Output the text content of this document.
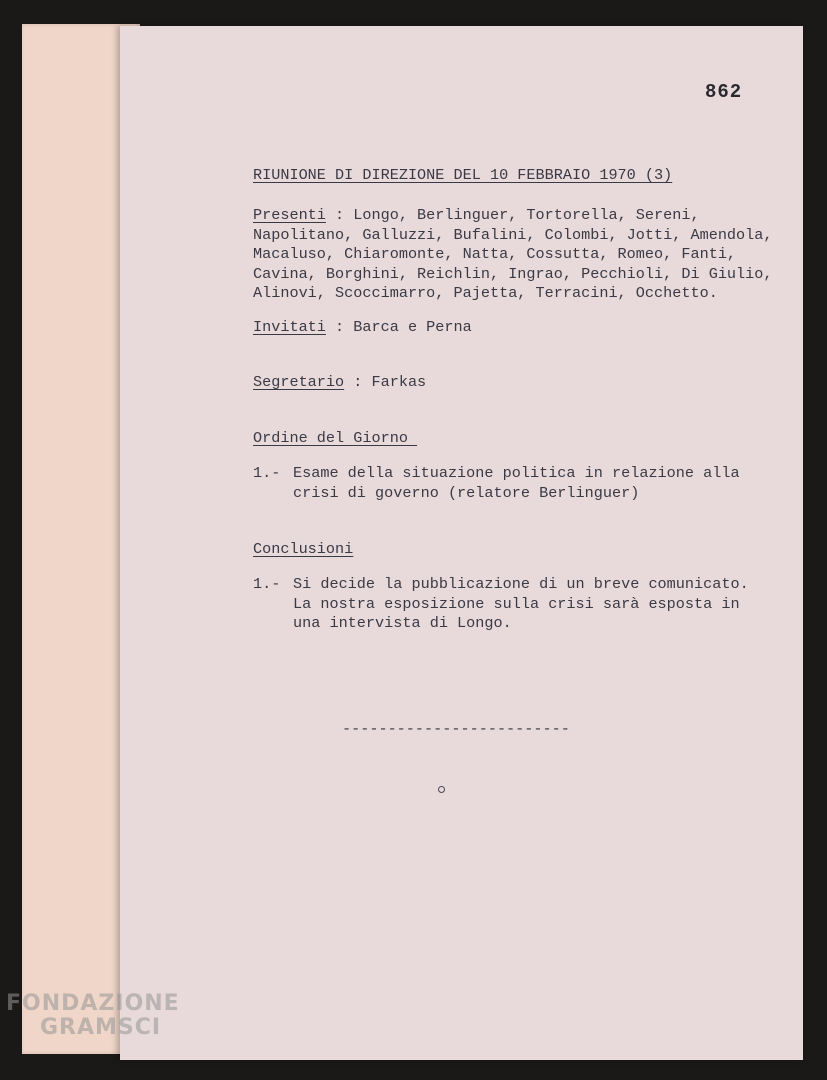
862
RIUNIONE DI DIREZIONE DEL 10 FEBBRAIO 1970 (3)
Presenti : Longo, Berlinguer, Tortorella, Sereni,
Napolitano, Galluzzi, Bufalini, Colombi, Jotti, Amendola,
Macaluso, Chiaromonte, Natta, Cossutta, Romeo, Fanti,
Cavina, Borghini, Reichlin, Ingrao, Pecchioli, Di Giulio,
Alinovi, Scoccimarro, Pajetta, Terracini, Occhetto.
Invitati : Barca e Perna
Segretario : Farkas
Ordine del Giorno
1.- Esame della situazione politica in relazione alla
crisi di governo (relatore Berlinguer)
Conclusioni
1.- Si decide la pubblicazione di un breve comunicato.
La nostra esposizione sulla crisi sarà esposta in
una intervista di Longo.
-------------------------
FONDAZIONE
GRAMSCI
